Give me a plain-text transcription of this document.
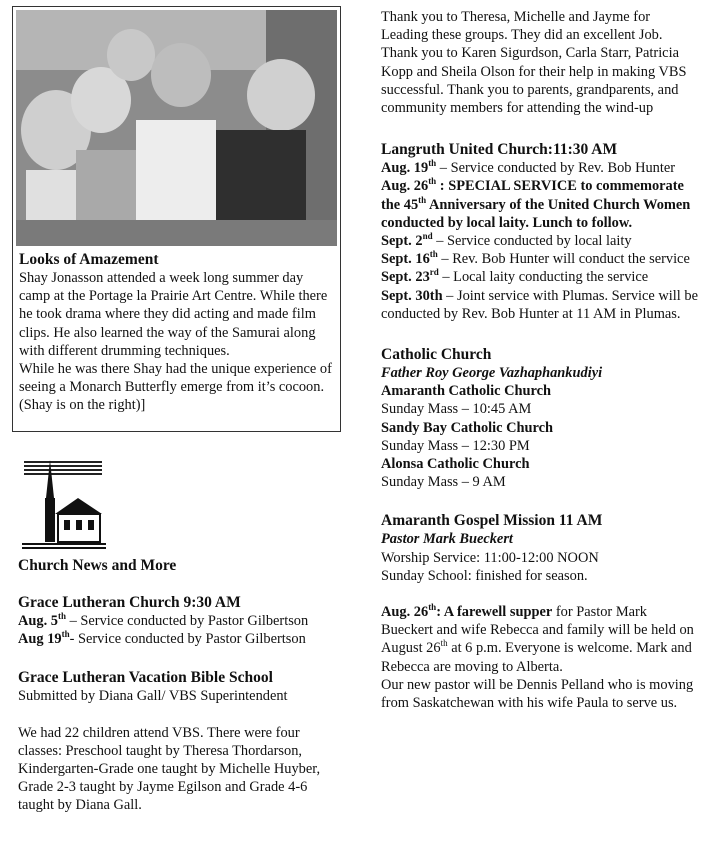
Looks of Amazement

Shay Jonasson attended a week long summer day camp at the Portage la Prairie Art Centre. While there he took drama where they did acting and made film clips. He also learned the way of the Samurai along with different drumming techniques.

While he was there Shay had the unique experience of seeing a Monarch Butterfly emerge from it’s cocoon. (Shay is on the right)]

Church News and More
Grace Lutheran Church 9:30 AM

Aug. 5th – Service conducted by Pastor Gilbertson

Aug 19th- Service conducted by Pastor Gilbertson

Grace Lutheran Vacation Bible School

Submitted by Diana Gall/ VBS Superintendent

We had 22 children attend VBS. There were four classes: Preschool taught by Theresa Thordarson, Kindergarten-Grade one taught by Michelle Huyber, Grade 2-3 taught by Jayme Egilson and Grade 4-6 taught by Diana Gall.

Thank you to Theresa, Michelle and Jayme for Leading these groups. They did an excellent Job. Thank you to Karen Sigurdson, Carla Starr, Patricia Kopp and Sheila Olson for their help in making VBS successful. Thank you to parents, grandparents, and community members for attending the wind-up

Langruth United Church:11:30 AM

Aug. 19th – Service conducted by Rev. Bob Hunter

Aug. 26th : SPECIAL SERVICE to commemorate the 45th Anniversary of the United Church Women conducted by local laity. Lunch to follow.

Sept. 2nd – Service conducted by local laity

Sept. 16th – Rev. Bob Hunter will conduct the service

Sept. 23rd – Local laity conducting the service

Sept. 30th – Joint service with Plumas. Service will be conducted by Rev. Bob Hunter at 11 AM in Plumas.

Catholic Church

Father Roy George Vazhaphankudiyi

Amaranth Catholic Church

Sunday Mass – 10:45 AM

Sandy Bay Catholic Church

Sunday Mass – 12:30 PM

Alonsa Catholic Church

Sunday Mass – 9 AM

Amaranth Gospel Mission 11 AM

Pastor Mark Bueckert

Worship Service: 11:00-12:00 NOON

Sunday School: finished for season.

Aug. 26th: A farewell supper for Pastor Mark Bueckert and wife Rebecca and family will be held on August 26th at 6 p.m. Everyone is welcome. Mark and Rebecca are moving to Alberta.

Our new pastor will be Dennis Pelland who is moving from Saskatchewan with his wife Paula to serve us.
